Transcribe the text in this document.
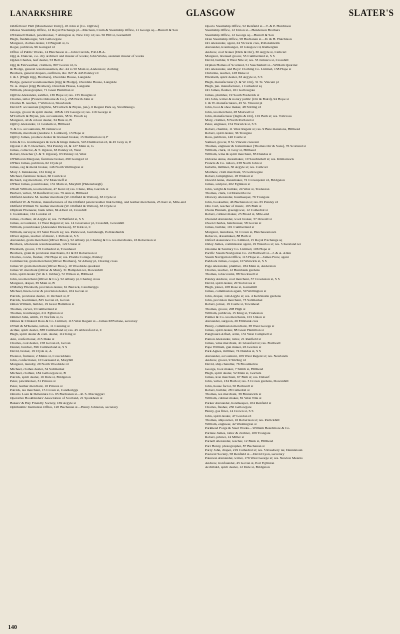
LANARKSHIRE	GLASGOW	SLATER'S

Oddfellows' Hall (Manchester Unity), 45 John st (Co. Ogilvie)

Odessa Steamship Office, 12 Royal Exchange pl—Maclean, Crum & Steamship Office, 11 George sq—Burrell & Son

O'Donnell Daniel, pawnbroker, 7 Abington st, New City rd; res. 56 Hill st, Garnethill

Hugh, fleshmonger, 524 Gallowgate

Margaret, clothes dealer, 10 Bagnall st, G

Roger, publican, 96 Garngad rd

Office of Public Works, 14 Hutcheson st—John Carrick, F.R.I.B.A.

Ogg A. Duncan, c.e. city architect and master of works; John Works, assistant master of works

Ogden Charles, leaf dealer, 53 Bell st

Ogg & Fairweather, clothiers, 807 Govan rd, G

& Hodge, general warehousemen, &c. 44 to 50 Main st, Anderston; clothing

Brothers, general drapers, outfitters, &c. 827 & 443 Paisley rd

J. & J. (Hugh Ogg, Brothers), Overdale House, Langside

Hodge, general warehousemen (Ogg & Hodge), Overdale House, Langside

W. A. draper (Ogg Brothers), Overdale House, Langside

William, photographer, 71 Great Hamilton st

Ogilvie Alexander, saddler, 136 Hope st; res. 135 Douglas st

Charles, tailor (Francis Osborne & Co.), 238 North John st

Charles B. teacher, 7 Walton st, Shawlands

David F. accountant (Ogilvie, M'Culloch & Bryan, jun.), 6 Regent Park sq, Strathbungo

George, grocer & spirit dealer, 108 & 119 George st; res. 116 George st

M'Culloch & Bryan, jun. accountants, 58 St. Enoch sq

Margaret, oil & colour dealer, 34 Bute st, B

Ogilvy Alexander, 11 Graham st, Hillhead

T. & Co. accountants, 85 Jamaica st

William, merchant (Andrew J. Lambert), 13 Hope st

Ogilvy James, produce dealer & licensed broker, 15 Dumbarton rd, F

John & Co. ironmongers & lock & hinge makers, 545 Dumbarton rd, & 45 Gray st, P

Ogston J. & T. bleachers, 354 Paisley rd, & 127 Main st, G

James, collector, & T. Ogston, 63 Paisley rd, West

Robert, bleacher (J. & T. Ogston), 63 Paisley rd, West

O'Halloran Margaret, furniture broker, 290 Garngad rd

O'Hara James, publican, 62 Clyde pl

James, rag & metal broker, 146 North Wellington st

Mary J. Inniskeane, 161 King st

Michael, furniture broker, 60 Carrick st

Richard, rag merchant, 172 Moncrieff st

O'Hear James, pawnbroker, 131 Main st, Maryhill (Helensburgh)

O'Kell William, tea merchant, 47 Kent rd; res. Clune, Rhu, Garrick st

Herbert, writer, 33 Renfield st; res. 79 Ann st, Hillhead

Oldfield Andrew M. leather merchant (W. Oldfield & Walton), 63 Clyde st

Oldfield W. & Walton, manufacturers of the Oldfield patent leather link belting, and leather merchants, 25 Kerr st, Mile-end

Oldfield William W. leather merchant (W. Oldfield & Walton), 63 Clyde st

Oliphant Ebenezer, bank teller, 84 Albert rd, Crosshill

J. bootmaker, 161 London rd

James, clothier, 42 Argyle st; res. 72 Belfield st, S S

James, accountant, 11 West Regent st; res. 14 Grosvenor pl, Crosshill, Govanhill

William, pawnbroker (Alexander Dickson), 67 Kirk st, C

William, surveyor, 63 Saint Enoch sq; res. Parkwood, Gartsheugh, Pollokshields

Oliver Agnes, teacher of music, 1 Polloik st, S S

Alexander, grain merchant (Oliver Bros.), 52 Albany pl, Charing & Co. tea merchants, 16 Robertson st

Brothers, wholesale warehousemen, 122 Union st

Elizabeth, grocer, 176 Cathedral st, Townhead

Brothers, grain & provision merchants, 61 & 63 Robertson st

Charles, cowie, flesher, 159 Hope st; res. Pladda Cottage, Paisley

Commercial, grain merchant (Oliver Brothers), 52 Albany pl, Charing cross

James W. grain merchant (Oliver Bros.), 10 Woodside quadrant

James W. merchant (Oliver & Muir), 31 Hampden ter, Dowanhill

John, spirit dealer (W. & J. Jubber), 72 Wilson st, Hillhead

John, tea merchant (Oliver & Co.), 52 Albany pl, Charing cross

Margaret, draper, 39 Main st, B

O'Malley Elizabeth, provision dealer, 61 Barrack, Candleriggs

Michael, linen-cover & provision dealer, 104 Govan st

Patrick, provision dealer, 11 Orchard st, P

Patrick, bootmaker, 825 Govan rd, Govan

Oman William, builder, 19 Great Hamilton st

Thomas, carver, 9 Cumberland st

Thomas, ironmonger, 211 Eglinton st

Ommel John, smith, 15 Norfolk st, G

Omnes & Clinkard Ross & Co. Limited, 113 West Regent st—James M'Farlane, secretary

O'Neil & M'Kenzie, tailors, 11 Canning st

Arthur, spirit dealer, 388 Cumberland st; res. 45 Abbotsford st, C

Hugh, spirit dealer & com. dealer, 112 King st

Ann, confectioner, 215 Duke st

Charles, coal dealer, 158 Govan rd, Govan

Daniel, butcher, 396 Cumberland st, S S

David, broker, 19 Clyde st, A

Eleanor, fruiterer, 2 Mains st, Cowcaddens

John, confectioner, 10 Garnsend st, Maryhill

Margaret, laundry, 29 North Woodside rd

Michael, clothes dealer, 34 Saltmarket

Michael, clothier, 184 Gallowgate st, B

Patrick, spirit dealer, 16 Dale st, Bridgeton

Peter, pawnbroker, 31 Princes st

Peter, leather merchant, 16 Princes st

Patrick, tea merchant, 15 Crown st, Candleriggs

Ontario Loan & Debenture Co. 65 Buchanan st—R. S. Mactaggart

Operative Bookbinders' Association of Scotland, 21 Sparkhorn st

Bakers' & Hay Friendly Society, 169 Argyle st

Ophthalmic Institution Office, 120 Buchanan st—Henry Johnston, secretary

Oporto Steamship Office, 52 Renfield st—T. & P. Hutchison

Steamship Office, 12 Union st—Henderson Brothers

Steamship Office, 12 George sq—Burrell & Son

Oran Steamship Office, 58 Buchanan st—D. & H. Hutchison

Orr Alexander, agent, 24 Victoria cres, Pollokshields

Alexander, ironmonger, 10 Glasgow rd, Rutherglen

Andrew, coal broker (Dick & Orr), 30 Argyle st, Cathcart

Margaret, licensed grocer, 53 Cumberland st, S S

David, builder, 9 West Nile st; res. 33 Jamaica st, Crosshill

Orphan Homes of Scotland, 51 Sauchiehall st—William Quarrier

Orr Alexander, and Boys' Clothing Co. Limited, 158 Hope st

Christina, teacher, 128 Duke st

Elizabeth, spirit dealer, 63 Argyle st, S S

Hugh, manufacturer (J. & W. Orr), 31 St. Vincent pl

Hugh, jun. manufacturer, 1 Cathedral sq

Orr James, flesher, 161 Gallowgate

James, plumber, 19 South Frederick st

Orr John, writer & notary public (Orr & Baird), 94 Hope st

J. & W. manufacturers, 45 St. Vincent pl

John, boot & shoe maker, 48 Stirling rd

John, tea merchant, 28 Maxwell st

John, manufacturer (Inglis & Orr), 101 Bath st; res. Tollcross

Mary, clothier, 8 North Portland st

Peter, engineer, 154 Warwick st, S S

Robert, chemist, 11 West Regent st; res. 9 Bute mansions, Hillhead

Robert, spirit dealer, 36 Trongate

Ross, publican, 146 Castle st

Samuel, grocer, 8 St. Vincent crescent

Thomas, engineer & boilermaker (Thomas Orr & Sons), 76 Scotland st

William, clerk, 11 Gray st, Hillhead

William, wine & spirit merchant, 83 Dundas st

Osborne Anne, dressmaker, 10 Sauchiehall st; res. Kilmarnock

Francis & Co. tailors, 238 North John st

Isabella, milliner, 30 Argyle st; res. Cathcart

Matthew, cloth merchant, 55 Gallowgate

Robert, lamplighter, 18 Wishart st

Oswald Anne, dressmaker, 72 Crownpoint rd, Bridgeton

James, sculptor, 202 Eglinton st

John, wright & builder, 24 West st, Tradeston

Thomas, clerk, 14 Monteith row

Ottaway Alexander, hotelkeeper, 76 Trongate

John, bookseller, 46 Buchanan st; res. 65 Paisley rd

Otto Carl, teacher of music, 195 Bath st

Ovens Hannah, greengrocer, 12 Cathedral st

Robert, cabinet maker, 25 Broad st, Mile-end

Overend Alexander, wool broker, 37 Oswald st

Owen Charles, hairdresser, 58 Govan st

James, builder, 101 Cumberland st

Margaret, laundress, 31 Crown st, Hutchesontown

Rebecca, dressmaker, 88 Bath st

Oxford Assurance Co. Limited, 15 Royal Exchange sq

Oxley James, commission agent, 19 Waterloo st; res. 5 Kersland ter

Ozonine & Sanitary Co. Limited, 106 Hope st

Pacific Steam Navigation Co. 24 Bothwell st—J. & A. Allan

Steam Navigation Office, 113 Hope st—James Frew, agent

Paddock James, cooper, 10 Warwick st, S S

Page Alexander, plumber, 184 Main st, Anderston

Charles, teacher, 12 Burnbank gardens

Thomas, tobacconist, 88 Stockwell st

Paisley Andrew, coal merchant, 37 Crookston st, S S

David, spirit dealer, 20 Stobcross st

Hugh, joiner, 108 Rose st, Garnethill

James, commission agent, 50 Wellington st

John, draper, 144 Argyle st; res. 4 Kelvinside gardens

John, provision merchant, 73 Saltmarket

Robert, joiner, 19 Castle st, Townhead

Thomas, grocer, 208 High st

William, publican, 15 King st, Tradeston

Palmer & Co. tea merchants, 101 Union st

Alexander, surgeon, 26 Elmbank cres

Henry, commission merchant, 38 West George st

James, spirit dealer, 88 Great Hamilton st

Pangbourn Alfred, artist, 131 West Campbell st

Panton Alexander, tailor, 21 Renfield st

James, wine merchant, 41 Glassford st; res. Bothwell

Pape William, gun maker, 26 Gordon st

Park Agnes, milliner, 74 Dundas st, S S

Alexander, accountant, 109 West Regent st; res. Newlands

Andrew, grocer, 9 Stirling rd

David, ship chandler, 76 Broomielaw

George, boot maker, 7 Smith st, Hillhead

Hugh, spirit dealer, 52 Main st, Gorbals

James, iron merchant, 67 Bath st; res. Dalserf

John, writer, 134 Bath st; res. 3 Crown gardens, Dowanhill

John, house factor, 50 Bothwell st

Robert, builder, 28 Cathedral st

Thomas, tea merchant, 39 Brunswick st

William, cabinet maker, 81 West Nile st

Parker Alexander, hotelkeeper, 104 Renfield st

Charles, flesher, 230 Gallowgate

Henry, gas fitter, 14 Crown st, S S

John, spirit dealer, 47 London rd

Thomas, shipowner, 16 Robertson st; res. Partickhill

William, engineer, 42 Washington st

Parkhead Forge & Steel Works—William Beardmore & Co.

Parlane James, tailor & clothier, 109 Trongate

Robert, printer, 14 Miller st

Parnell Alexander, teacher, 12 Bank st, Hillhead

Parr Henry, photographer, 87 Buchanan st

Parry John, draper, 219 Cathedral st; res. 5 Rosebery ter, Dennistoun

Pastoral Society, 58 Renfield st—David Lyon, secretary

Paterson Alexander, writer, 176 West George st; res. Newton Mearns

Andrew, ironfounder, 45 Govan st, Port Eglinton

Archibald, spirit dealer, 12 Dale st, Bridgeton

140
